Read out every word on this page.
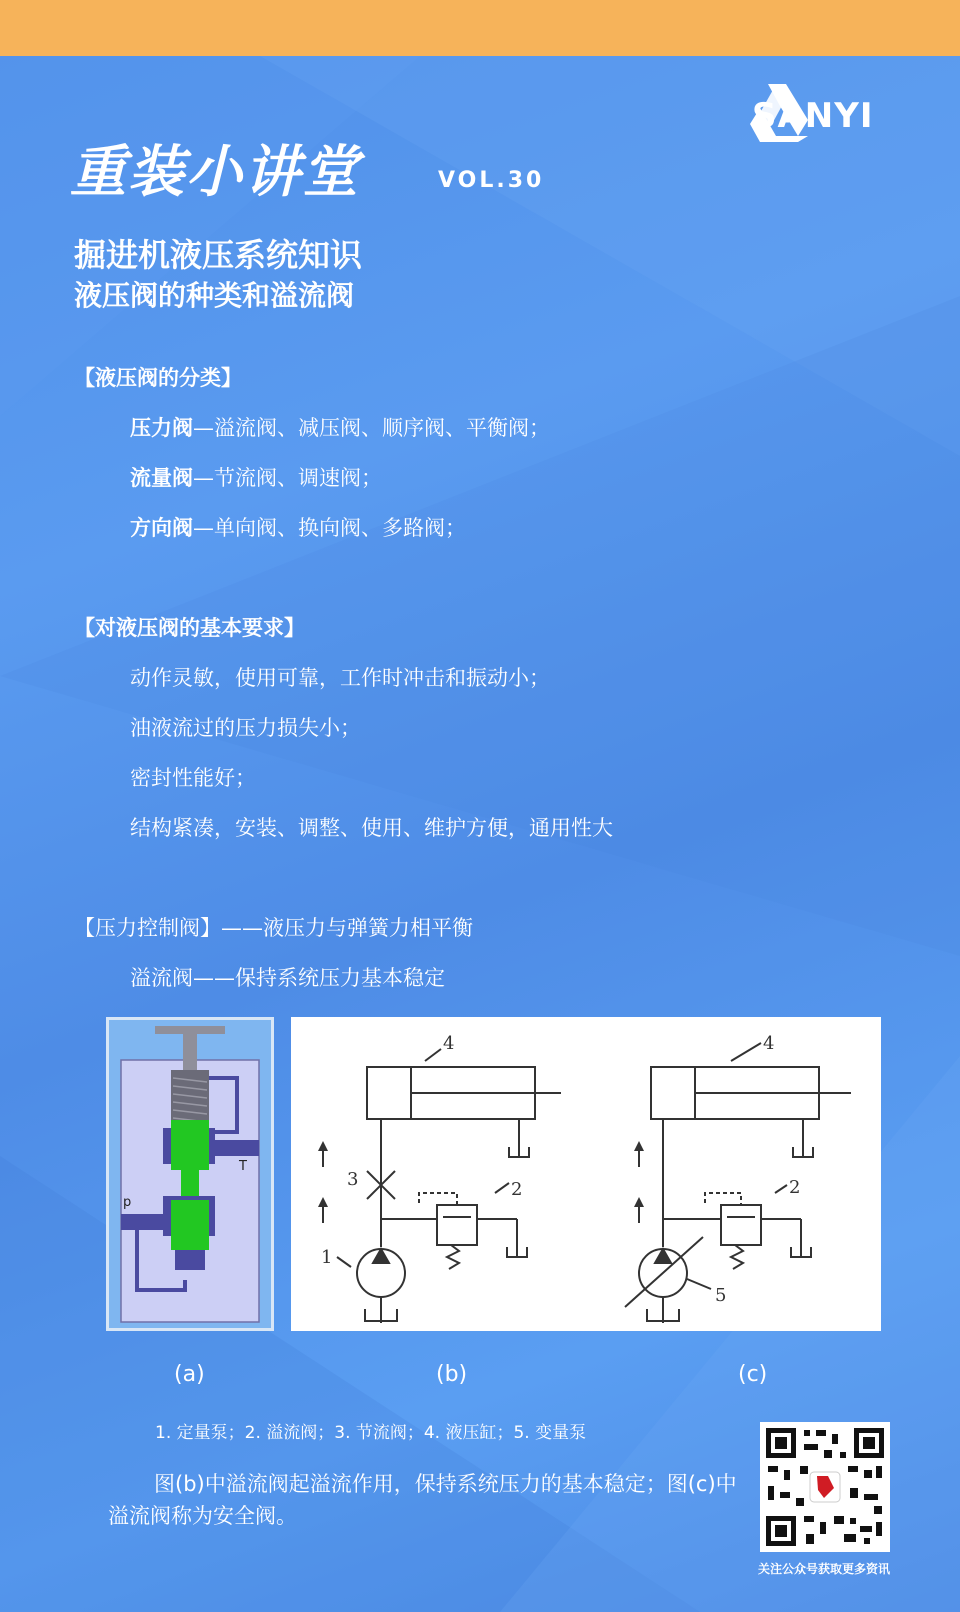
SANYI
重装小讲堂	VOL.30
掘进机液压系统知识
液压阀的种类和溢流阀
【液压阀的分类】
压力阀—溢流阀、减压阀、顺序阀、平衡阀；
流量阀—节流阀、调速阀；
方向阀—单向阀、换向阀、多路阀；
【对液压阀的基本要求】
动作灵敏，使用可靠，工作时冲击和振动小；
油液流过的压力损失小；
密封性能好；
结构紧凑，安装、调整、使用、维护方便，通用性大
【压力控制阀】——液压力与弹簧力相平衡
溢流阀——保持系统压力基本稳定
T
p
4
3	2
1
4
2
5
(a)	(b)	(c)
1. 定量泵；2. 溢流阀；3. 节流阀；4. 液压缸；5. 变量泵
图(b)中溢流阀起溢流作用，保持系统压力的基本稳定；图(c)中溢流阀称为安全阀。
关注公众号获取更多资讯
